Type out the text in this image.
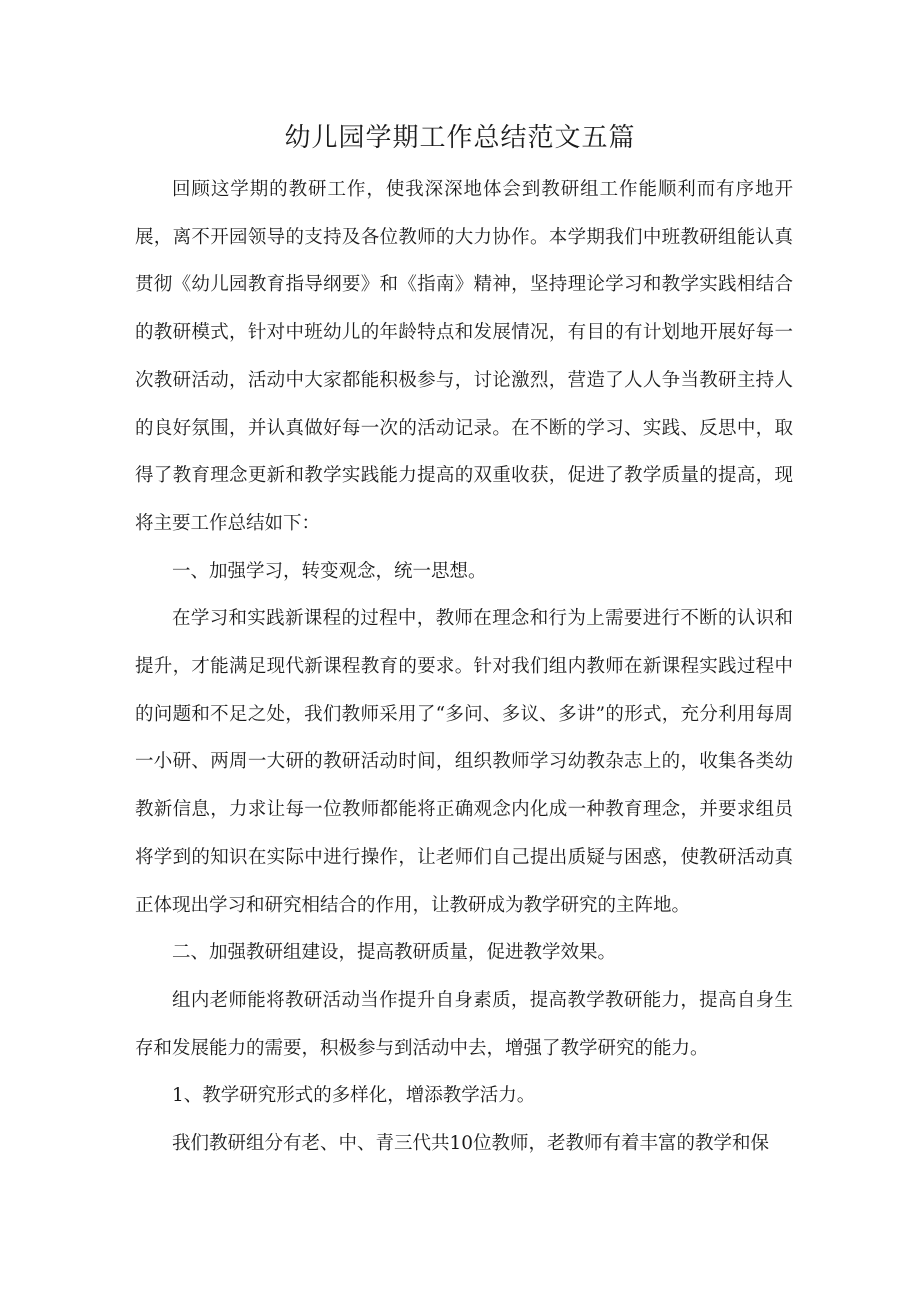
幼儿园学期工作总结范文五篇

回顾这学期的教研工作，使我深深地体会到教研组工作能顺利而有序地开展，离不开园领导的支持及各位教师的大力协作。本学期我们中班教研组能认真贯彻《幼儿园教育指导纲要》和《指南》精神，坚持理论学习和教学实践相结合的教研模式，针对中班幼儿的年龄特点和发展情况，有目的有计划地开展好每一次教研活动，活动中大家都能积极参与，讨论激烈，营造了人人争当教研主持人的良好氛围，并认真做好每一次的活动记录。在不断的学习、实践、反思中，取得了教育理念更新和教学实践能力提高的双重收获，促进了教学质量的提高，现将主要工作总结如下：

一、加强学习，转变观念，统一思想。

在学习和实践新课程的过程中，教师在理念和行为上需要进行不断的认识和提升，才能满足现代新课程教育的要求。针对我们组内教师在新课程实践过程中的问题和不足之处，我们教师采用了“多问、多议、多讲”的形式，充分利用每周一小研、两周一大研的教研活动时间，组织教师学习幼教杂志上的，收集各类幼教新信息，力求让每一位教师都能将正确观念内化成一种教育理念，并要求组员将学到的知识在实际中进行操作，让老师们自己提出质疑与困惑，使教研活动真正体现出学习和研究相结合的作用，让教研成为教学研究的主阵地。

二、加强教研组建设，提高教研质量，促进教学效果。

组内老师能将教研活动当作提升自身素质，提高教学教研能力，提高自身生存和发展能力的需要，积极参与到活动中去，增强了教学研究的能力。

1、教学研究形式的多样化，增添教学活力。

我们教研组分有老、中、青三代共10位教师，老教师有着丰富的教学和保
